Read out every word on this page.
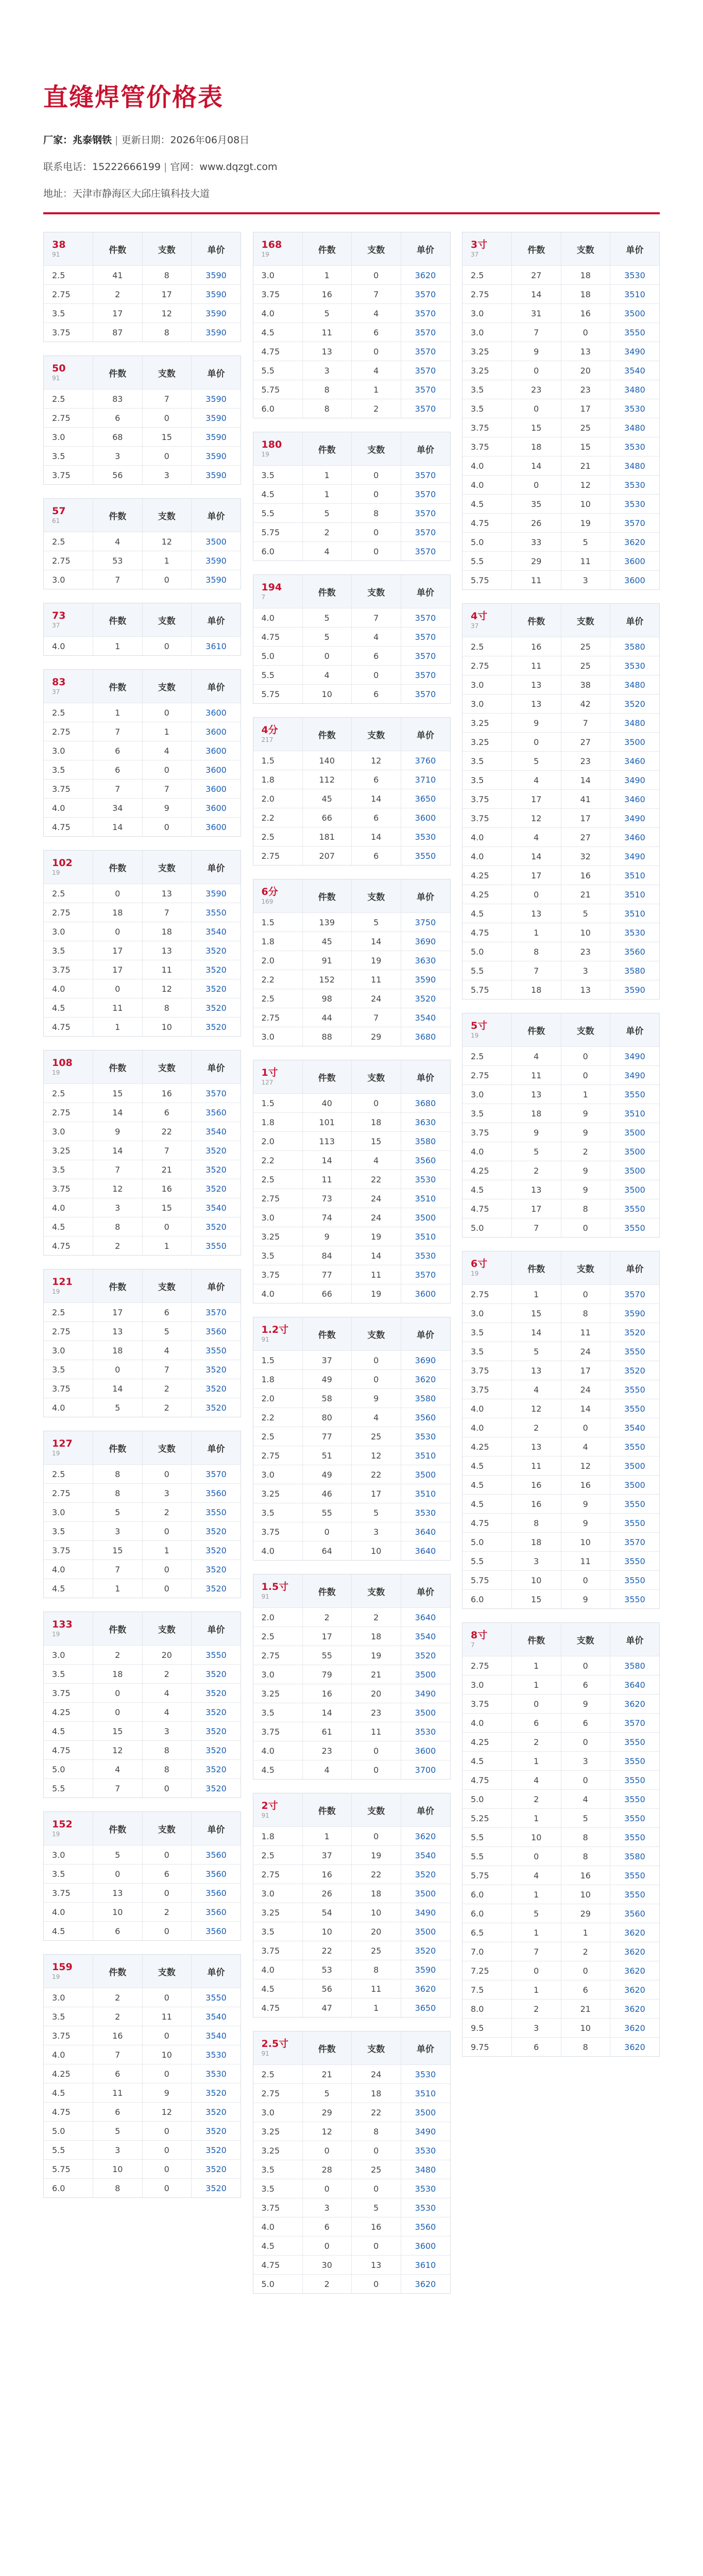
直缝焊管价格表
厂家：兆泰钢铁 | 更新日期：2026年06月08日
联系电话：15222666199 | 官网：www.dqzgt.com
地址：天津市静海区大邱庄镇科技大道
38
91	件数	支数	单价
2.5	41	8	3590
2.75	2	17	3590
3.5	17	12	3590
3.75	87	8	3590
50
91	件数	支数	单价
2.5	83	7	3590
2.75	6	0	3590
3.0	68	15	3590
3.5	3	0	3590
3.75	56	3	3590
57
61	件数	支数	单价
2.5	4	12	3500
2.75	53	1	3590
3.0	7	0	3590
73
37	件数	支数	单价
4.0	1	0	3610
83
37	件数	支数	单价
2.5	1	0	3600
2.75	7	1	3600
3.0	6	4	3600
3.5	6	0	3600
3.75	7	7	3600
4.0	34	9	3600
4.75	14	0	3600
102
19	件数	支数	单价
2.5	0	13	3590
2.75	18	7	3550
3.0	0	18	3540
3.5	17	13	3520
3.75	17	11	3520
4.0	0	12	3520
4.5	11	8	3520
4.75	1	10	3520
108
19	件数	支数	单价
2.5	15	16	3570
2.75	14	6	3560
3.0	9	22	3540
3.25	14	7	3520
3.5	7	21	3520
3.75	12	16	3520
4.0	3	15	3540
4.5	8	0	3520
4.75	2	1	3550
121
19	件数	支数	单价
2.5	17	6	3570
2.75	13	5	3560
3.0	18	4	3550
3.5	0	7	3520
3.75	14	2	3520
4.0	5	2	3520
127
19	件数	支数	单价
2.5	8	0	3570
2.75	8	3	3560
3.0	5	2	3550
3.5	3	0	3520
3.75	15	1	3520
4.0	7	0	3520
4.5	1	0	3520
133
19	件数	支数	单价
3.0	2	20	3550
3.5	18	2	3520
3.75	0	4	3520
4.25	0	4	3520
4.5	15	3	3520
4.75	12	8	3520
5.0	4	8	3520
5.5	7	0	3520
152
19	件数	支数	单价
3.0	5	0	3560
3.5	0	6	3560
3.75	13	0	3560
4.0	10	2	3560
4.5	6	0	3560
159
19	件数	支数	单价
3.0	2	0	3550
3.5	2	11	3540
3.75	16	0	3540
4.0	7	10	3530
4.25	6	0	3530
4.5	11	9	3520
4.75	6	12	3520
5.0	5	0	3520
5.5	3	0	3520
5.75	10	0	3520
6.0	8	0	3520
168
19	件数	支数	单价
3.0	1	0	3620
3.75	16	7	3570
4.0	5	4	3570
4.5	11	6	3570
4.75	13	0	3570
5.5	3	4	3570
5.75	8	1	3570
6.0	8	2	3570
180
19	件数	支数	单价
3.5	1	0	3570
4.5	1	0	3570
5.5	5	8	3570
5.75	2	0	3570
6.0	4	0	3570
194
7	件数	支数	单价
4.0	5	7	3570
4.75	5	4	3570
5.0	0	6	3570
5.5	4	0	3570
5.75	10	6	3570
4分
217	件数	支数	单价
1.5	140	12	3760
1.8	112	6	3710
2.0	45	14	3650
2.2	66	6	3600
2.5	181	14	3530
2.75	207	6	3550
6分
169	件数	支数	单价
1.5	139	5	3750
1.8	45	14	3690
2.0	91	19	3630
2.2	152	11	3590
2.5	98	24	3520
2.75	44	7	3540
3.0	88	29	3680
1寸
127	件数	支数	单价
1.5	40	0	3680
1.8	101	18	3630
2.0	113	15	3580
2.2	14	4	3560
2.5	11	22	3530
2.75	73	24	3510
3.0	74	24	3500
3.25	9	19	3510
3.5	84	14	3530
3.75	77	11	3570
4.0	66	19	3600
1.2寸
91	件数	支数	单价
1.5	37	0	3690
1.8	49	0	3620
2.0	58	9	3580
2.2	80	4	3560
2.5	77	25	3530
2.75	51	12	3510
3.0	49	22	3500
3.25	46	17	3510
3.5	55	5	3530
3.75	0	3	3640
4.0	64	10	3640
1.5寸
91	件数	支数	单价
2.0	2	2	3640
2.5	17	18	3540
2.75	55	19	3520
3.0	79	21	3500
3.25	16	20	3490
3.5	14	23	3500
3.75	61	11	3530
4.0	23	0	3600
4.5	4	0	3700
2寸
91	件数	支数	单价
1.8	1	0	3620
2.5	37	19	3540
2.75	16	22	3520
3.0	26	18	3500
3.25	54	10	3490
3.5	10	20	3500
3.75	22	25	3520
4.0	53	8	3590
4.5	56	11	3620
4.75	47	1	3650
2.5寸
91	件数	支数	单价
2.5	21	24	3530
2.75	5	18	3510
3.0	29	22	3500
3.25	12	8	3490
3.25	0	0	3530
3.5	28	25	3480
3.5	0	0	3530
3.75	3	5	3530
4.0	6	16	3560
4.5	0	0	3600
4.75	30	13	3610
5.0	2	0	3620
3寸
37	件数	支数	单价
2.5	27	18	3530
2.75	14	18	3510
3.0	31	16	3500
3.0	7	0	3550
3.25	9	13	3490
3.25	0	20	3540
3.5	23	23	3480
3.5	0	17	3530
3.75	15	25	3480
3.75	18	15	3530
4.0	14	21	3480
4.0	0	12	3530
4.5	35	10	3530
4.75	26	19	3570
5.0	33	5	3620
5.5	29	11	3600
5.75	11	3	3600
4寸
37	件数	支数	单价
2.5	16	25	3580
2.75	11	25	3530
3.0	13	38	3480
3.0	13	42	3520
3.25	9	7	3480
3.25	0	27	3500
3.5	5	23	3460
3.5	4	14	3490
3.75	17	41	3460
3.75	12	17	3490
4.0	4	27	3460
4.0	14	32	3490
4.25	17	16	3510
4.25	0	21	3510
4.5	13	5	3510
4.75	1	10	3530
5.0	8	23	3560
5.5	7	3	3580
5.75	18	13	3590
5寸
19	件数	支数	单价
2.5	4	0	3490
2.75	11	0	3490
3.0	13	1	3550
3.5	18	9	3510
3.75	9	9	3500
4.0	5	2	3500
4.25	2	9	3500
4.5	13	9	3500
4.75	17	8	3550
5.0	7	0	3550
6寸
19	件数	支数	单价
2.75	1	0	3570
3.0	15	8	3590
3.5	14	11	3520
3.5	5	24	3550
3.75	13	17	3520
3.75	4	24	3550
4.0	12	14	3550
4.0	2	0	3540
4.25	13	4	3550
4.5	11	12	3500
4.5	16	16	3500
4.5	16	9	3550
4.75	8	9	3550
5.0	18	10	3570
5.5	3	11	3550
5.75	10	0	3550
6.0	15	9	3550
8寸
7	件数	支数	单价
2.75	1	0	3580
3.0	1	6	3640
3.75	0	9	3620
4.0	6	6	3570
4.25	2	0	3550
4.5	1	3	3550
4.75	4	0	3550
5.0	2	4	3550
5.25	1	5	3550
5.5	10	8	3550
5.5	0	8	3580
5.75	4	16	3550
6.0	1	10	3550
6.0	5	29	3560
6.5	1	1	3620
7.0	7	2	3620
7.25	0	0	3620
7.5	1	6	3620
8.0	2	21	3620
9.5	3	10	3620
9.75	6	8	3620
